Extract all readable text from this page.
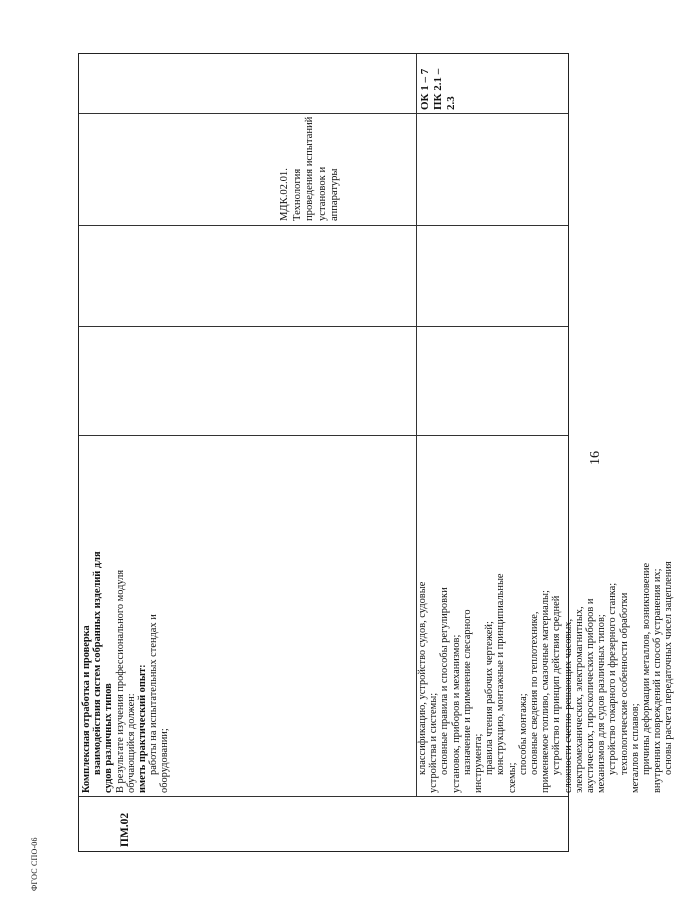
16
ФГОС СПО-06
классификацию, устройство судов, судовые устройства и системы; основные правила и способы регулировки установок, приборов и механизмов; назначение и применение слесарного инструмента; правила чтения рабочих чертежей; конструкцию, монтажные и принципиальные
схемы;
способы монтажа; основные сведения по теплотехнике, применяемое топливо, смазочные материалы; устройство и принцип действия средней сложности счетно-решающих часовых, электромеханических, электромагнитных, акустических, гироскопических приборов и механизмов для судов различных типов; устройство токарного и фрезерного станка; технологические особенности обработки металлов и сплавов; причины деформации металлов, возникновение внутренних повреждений и способ устранения их; основы расчета передаточных чисел зацепления
ОК 1 – 7 ПК 2.1 – 2.3
ПМ.02
Комплексная отработка и проверка взаимодействия систем собранных изделий для судов различных типов В результате изучения профессионального модуля обучающийся должен: иметь практический опыт: работы на испытательных стендах и оборудовании;
МДК.02.01. Технология проведения испытаний установок и аппаратуры
